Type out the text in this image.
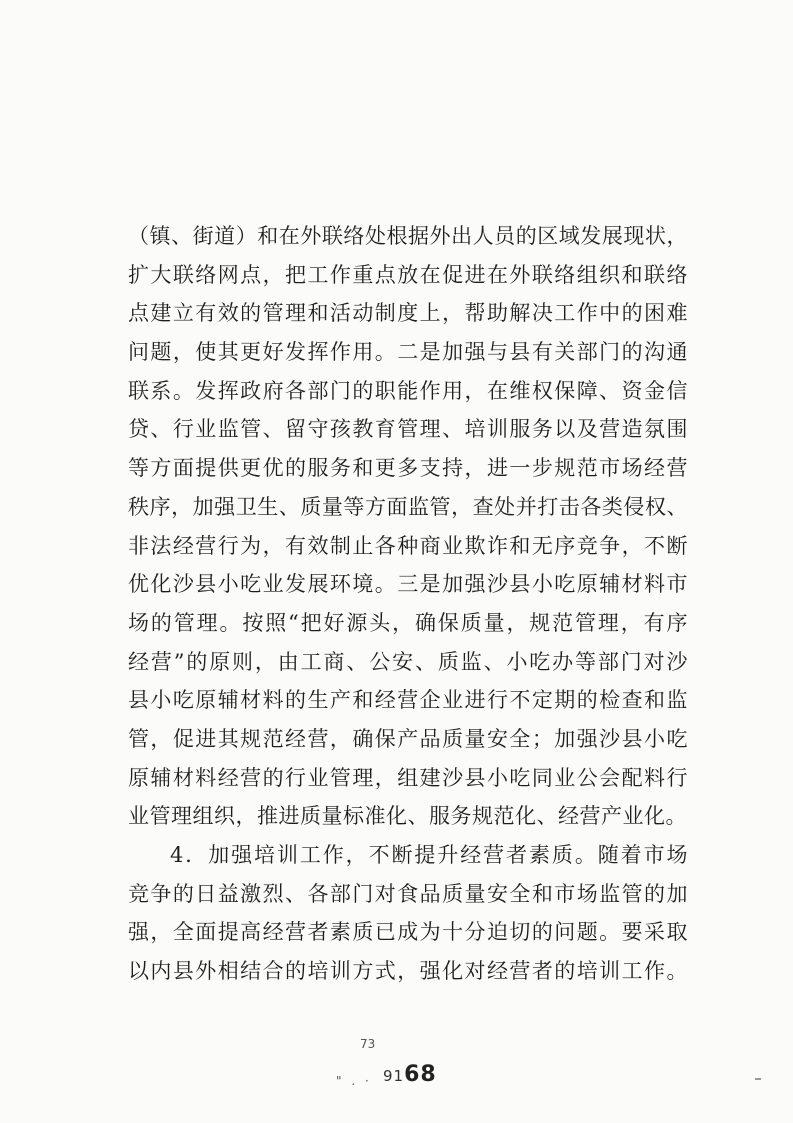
（镇、街道）和在外联络处根据外出人员的区域发展现状，
扩大联络网点，把工作重点放在促进在外联络组织和联络
点建立有效的管理和活动制度上，帮助解决工作中的困难
问题，使其更好发挥作用。二是加强与县有关部门的沟通
联系。发挥政府各部门的职能作用，在维权保障、资金信
贷、行业监管、留守孩教育管理、培训服务以及营造氛围
等方面提供更优的服务和更多支持，进一步规范市场经营
秩序，加强卫生、质量等方面监管，查处并打击各类侵权、
非法经营行为，有效制止各种商业欺诈和无序竞争，不断
优化沙县小吃业发展环境。三是加强沙县小吃原辅材料市
场的管理。按照“把好源头，确保质量，规范管理，有序
经营”的原则，由工商、公安、质监、小吃办等部门对沙
县小吃原辅材料的生产和经营企业进行不定期的检查和监
管，促进其规范经营，确保产品质量安全；加强沙县小吃
原辅材料经营的行业管理，组建沙县小吃同业公会配料行
业管理组织，推进质量标准化、服务规范化、经营产业化。
4．加强培训工作，不断提升经营者素质。随着市场
竞争的日益激烈、各部门对食品质量安全和市场监管的加
强，全面提高经营者素质已成为十分迫切的问题。要采取
以内县外相结合的培训方式，强化对经营者的培训工作。
73
" . · 9168
